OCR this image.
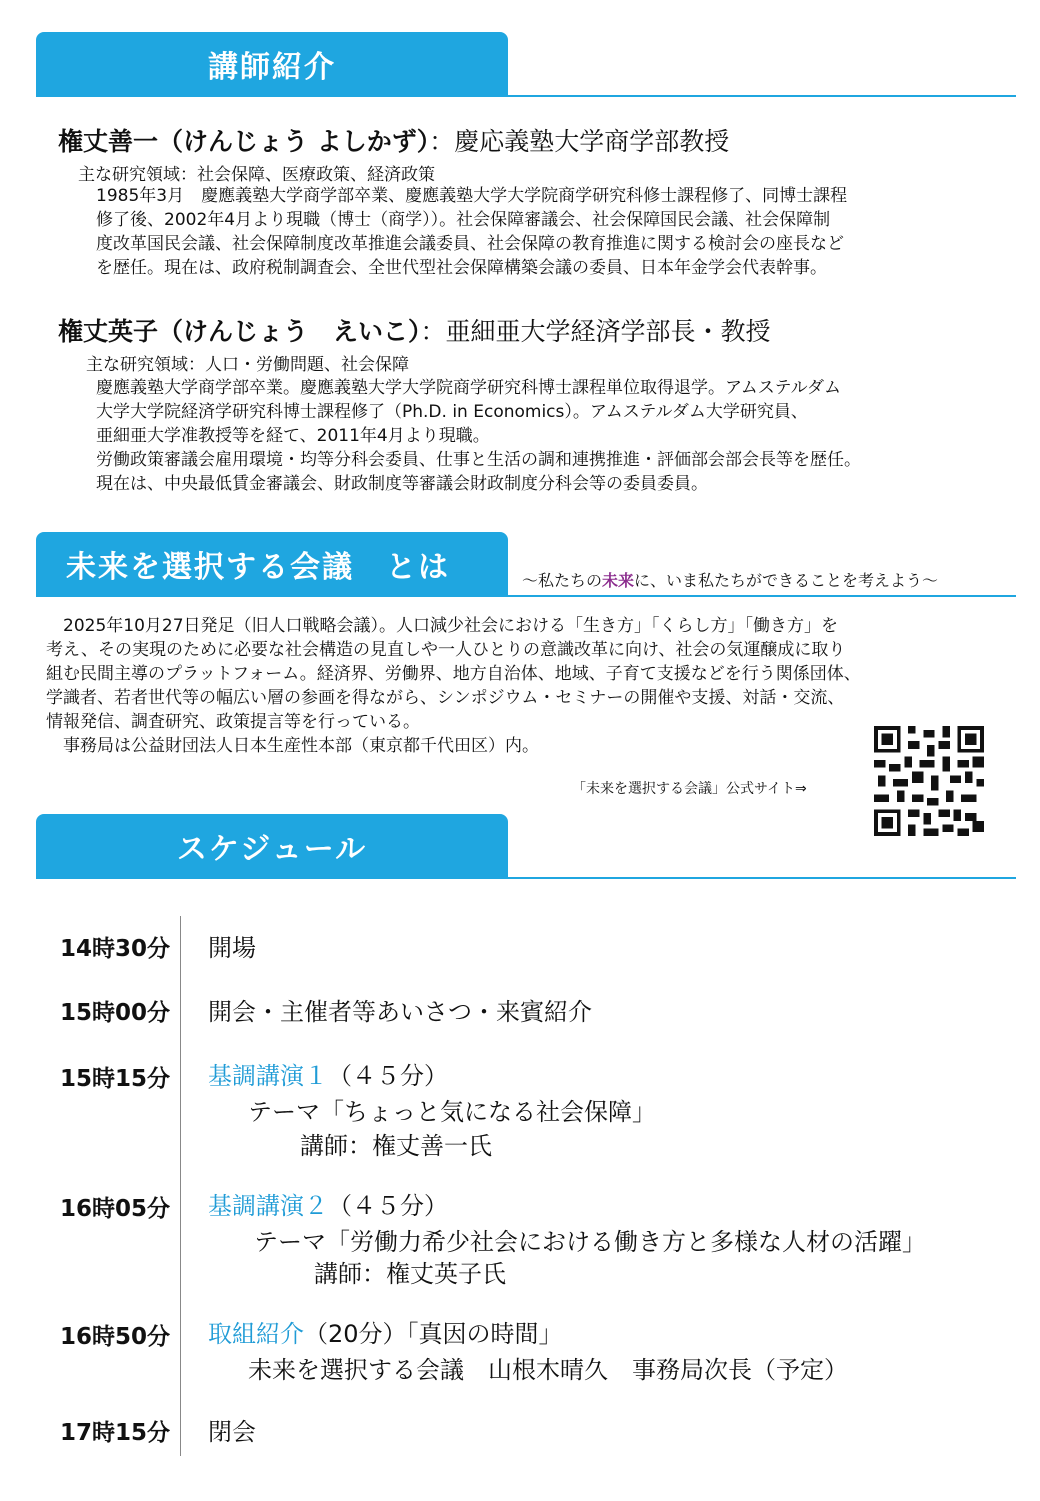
講師紹介
権丈善一（けんじょう よしかず）：慶応義塾大学商学部教授
主な研究領域：社会保障、医療政策、経済政策
1985年3月　慶應義塾大学商学部卒業、慶應義塾大学大学院商学研究科修士課程修了、同博士課程
修了後、2002年4月より現職（博士（商学））。社会保障審議会、社会保障国民会議、社会保障制
度改革国民会議、社会保障制度改革推進会議委員、社会保障の教育推進に関する検討会の座長など
を歴任。現在は、政府税制調査会、全世代型社会保障構築会議の委員、日本年金学会代表幹事。
権丈英子（けんじょう　えいこ）：亜細亜大学経済学部長・教授
主な研究領域：人口・労働問題、社会保障
慶應義塾大学商学部卒業。慶應義塾大学大学院商学研究科博士課程単位取得退学。アムステルダム
大学大学院経済学研究科博士課程修了（Ph.D. in Economics）。アムステルダム大学研究員、
亜細亜大学准教授等を経て、2011年4月より現職。
労働政策審議会雇用環境・均等分科会委員、仕事と生活の調和連携推進・評価部会部会長等を歴任。
現在は、中央最低賃金審議会、財政制度等審議会財政制度分科会等の委員委員。
未来を選択する会議　とは	～私たちの未来に、いま私たちができることを考えよう～
　2025年10月27日発足（旧人口戦略会議）。人口減少社会における「生き方」「くらし方」「働き方」を
考え、その実現のために必要な社会構造の見直しや一人ひとりの意識改革に向け、社会の気運醸成に取り
組む民間主導のプラットフォーム。経済界、労働界、地方自治体、地域、子育て支援などを行う関係団体、
学識者、若者世代等の幅広い層の参画を得ながら、シンポジウム・セミナーの開催や支援、対話・交流、
情報発信、調査研究、政策提言等を行っている。
　事務局は公益財団法人日本生産性本部（東京都千代田区）内。
「未来を選択する会議」公式サイト⇒
スケジュール
14時30分 開場
15時00分 開会・主催者等あいさつ・来賓紹介
15時15分 基調講演１（４５分）
テーマ「ちょっと気になる社会保障」
講師：権丈善一氏
16時05分 基調講演２（４５分）
テーマ「労働力希少社会における働き方と多様な人材の活躍」
講師：権丈英子氏
16時50分 取組紹介（20分）「真因の時間」
未来を選択する会議　山根木晴久　事務局次長（予定）
17時15分 閉会
